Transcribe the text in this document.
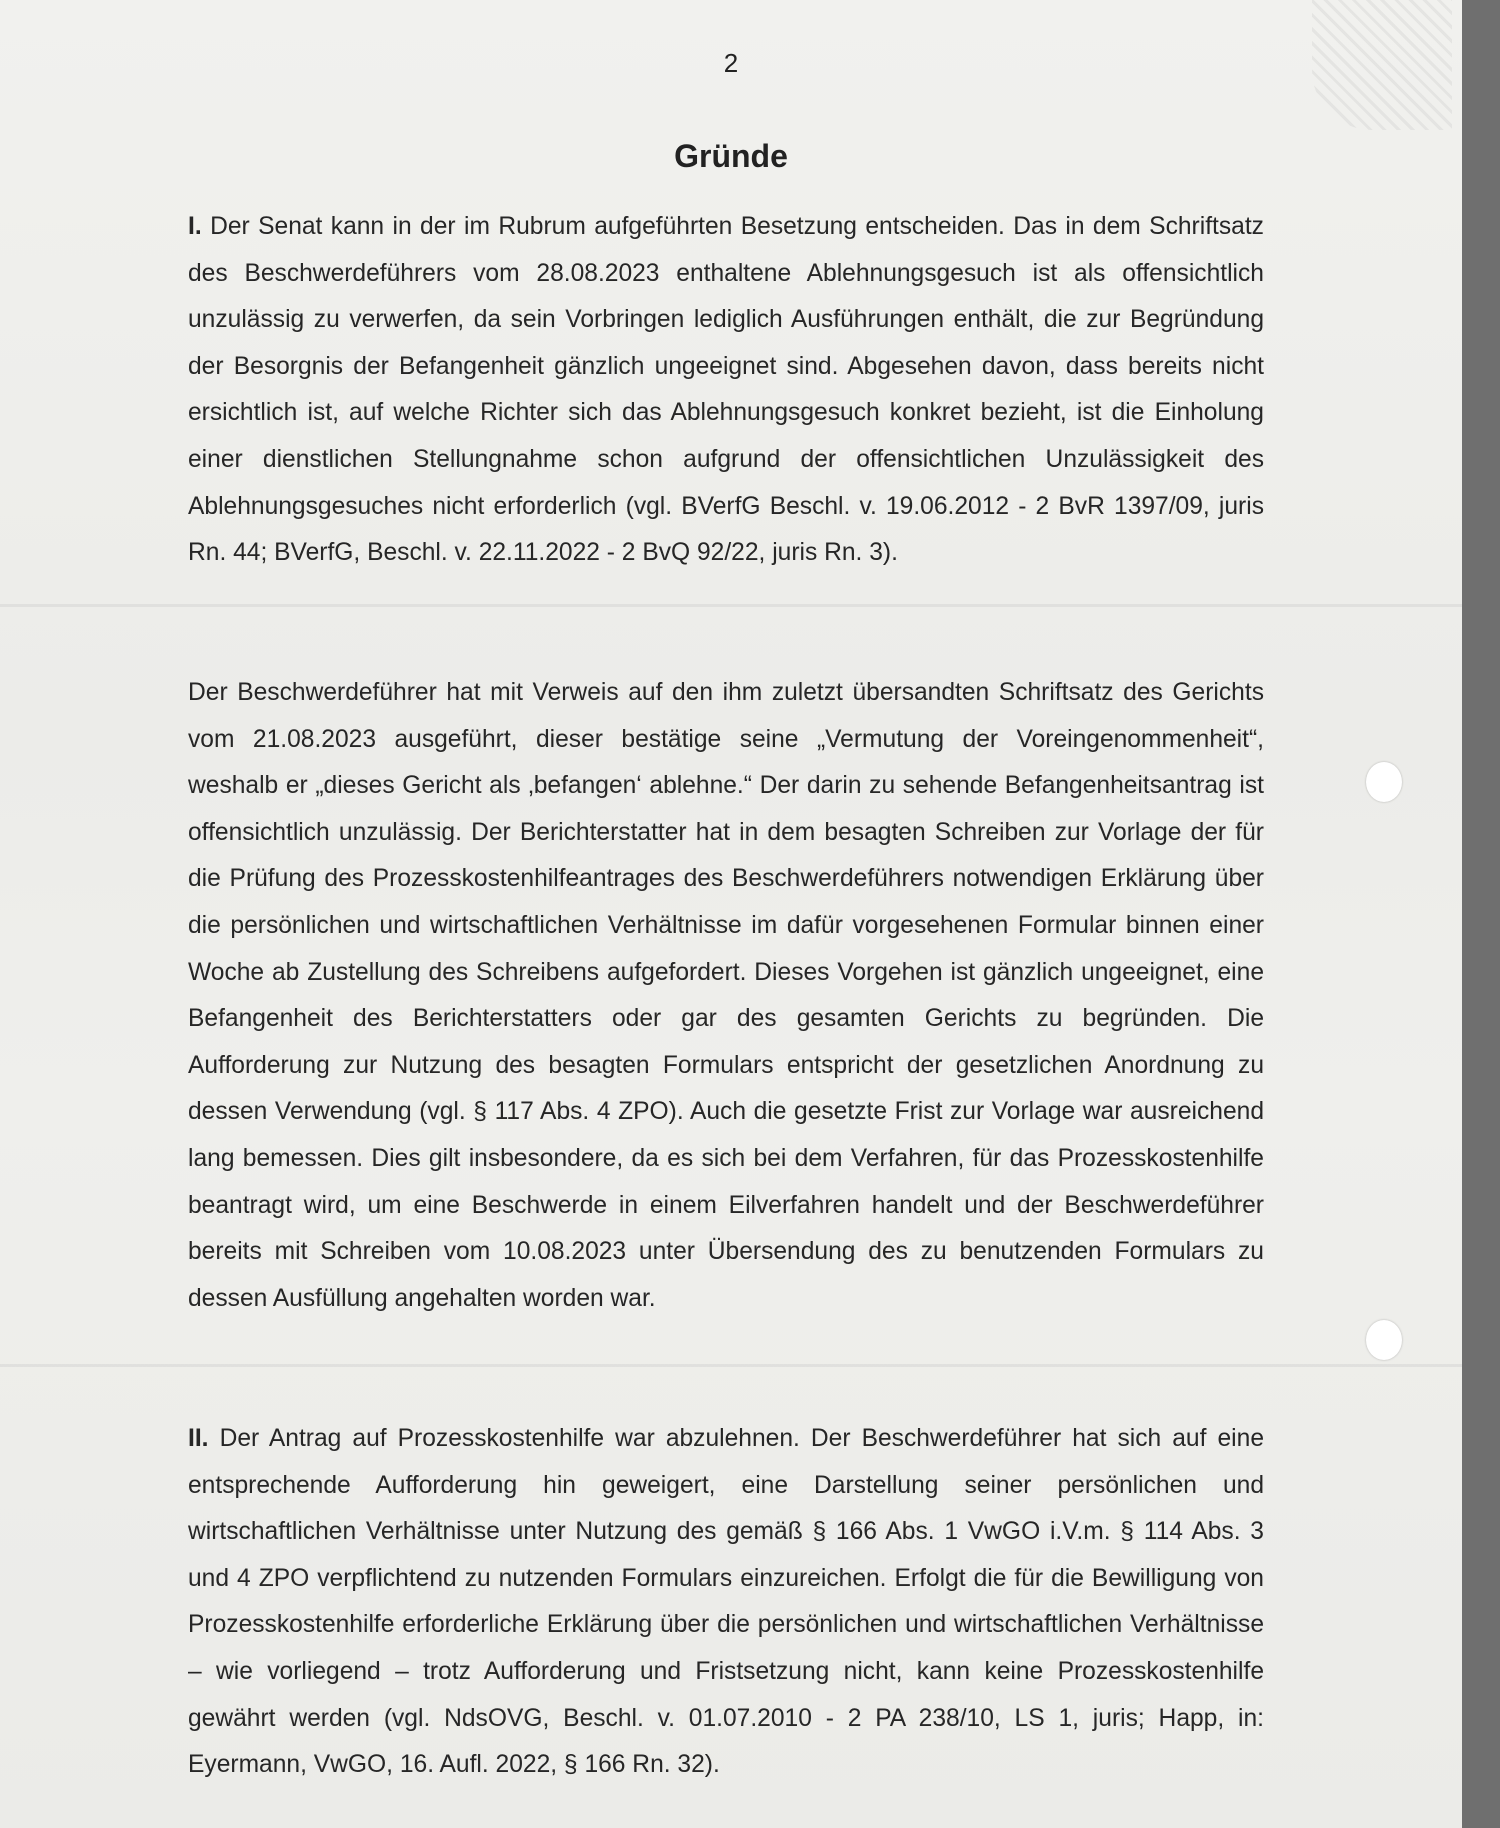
2
Gründe

I. Der Senat kann in der im Rubrum aufgeführten Besetzung entscheiden. Das in dem Schriftsatz des Beschwerdeführers vom 28.08.2023 enthaltene Ablehnungsgesuch ist als offensichtlich unzulässig zu verwerfen, da sein Vorbringen lediglich Ausführungen enthält, die zur Begründung der Besorgnis der Befangenheit gänzlich ungeeignet sind. Abgesehen davon, dass bereits nicht ersichtlich ist, auf welche Richter sich das Ablehnungsgesuch konkret bezieht, ist die Einholung einer dienstlichen Stellungnahme schon aufgrund der offensichtlichen Unzulässigkeit des Ablehnungsgesuches nicht erforderlich (vgl. BVerfG Beschl. v. 19.06.2012 - 2 BvR 1397/09, juris Rn. 44; BVerfG, Beschl. v. 22.11.2022 - 2 BvQ 92/22, juris Rn. 3).

Der Beschwerdeführer hat mit Verweis auf den ihm zuletzt übersandten Schriftsatz des Gerichts vom 21.08.2023 ausgeführt, dieser bestätige seine „Vermutung der Voreingenommenheit“, weshalb er „dieses Gericht als ‚befangen‘ ablehne.“ Der darin zu sehende Befangenheitsantrag ist offensichtlich unzulässig. Der Berichterstatter hat in dem besagten Schreiben zur Vorlage der für die Prüfung des Prozesskostenhilfeantrages des Beschwerdeführers notwendigen Erklärung über die persönlichen und wirtschaftlichen Verhältnisse im dafür vorgesehenen Formular binnen einer Woche ab Zustellung des Schreibens aufgefordert. Dieses Vorgehen ist gänzlich ungeeignet, eine Befangenheit des Berichterstatters oder gar des gesamten Gerichts zu begründen. Die Aufforderung zur Nutzung des besagten Formulars entspricht der gesetzlichen Anordnung zu dessen Verwendung (vgl. § 117 Abs. 4 ZPO). Auch die gesetzte Frist zur Vorlage war ausreichend lang bemessen. Dies gilt insbesondere, da es sich bei dem Verfahren, für das Prozesskostenhilfe beantragt wird, um eine Beschwerde in einem Eilverfahren handelt und der Beschwerdeführer bereits mit Schreiben vom 10.08.2023 unter Übersendung des zu benutzenden Formulars zu dessen Ausfüllung angehalten worden war.

II. Der Antrag auf Prozesskostenhilfe war abzulehnen. Der Beschwerdeführer hat sich auf eine entsprechende Aufforderung hin geweigert, eine Darstellung seiner persönlichen und wirtschaftlichen Verhältnisse unter Nutzung des gemäß § 166 Abs. 1 VwGO i.V.m. § 114 Abs. 3 und 4 ZPO verpflichtend zu nutzenden Formulars einzureichen. Erfolgt die für die Bewilligung von Prozesskostenhilfe erforderliche Erklärung über die persönlichen und wirtschaftlichen Verhältnisse – wie vorliegend – trotz Aufforderung und Fristsetzung nicht, kann keine Prozesskostenhilfe gewährt werden (vgl. NdsOVG, Beschl. v. 01.07.2010 - 2 PA 238/10, LS 1, juris; Happ, in: Eyermann, VwGO, 16. Aufl. 2022, § 166 Rn. 32).
